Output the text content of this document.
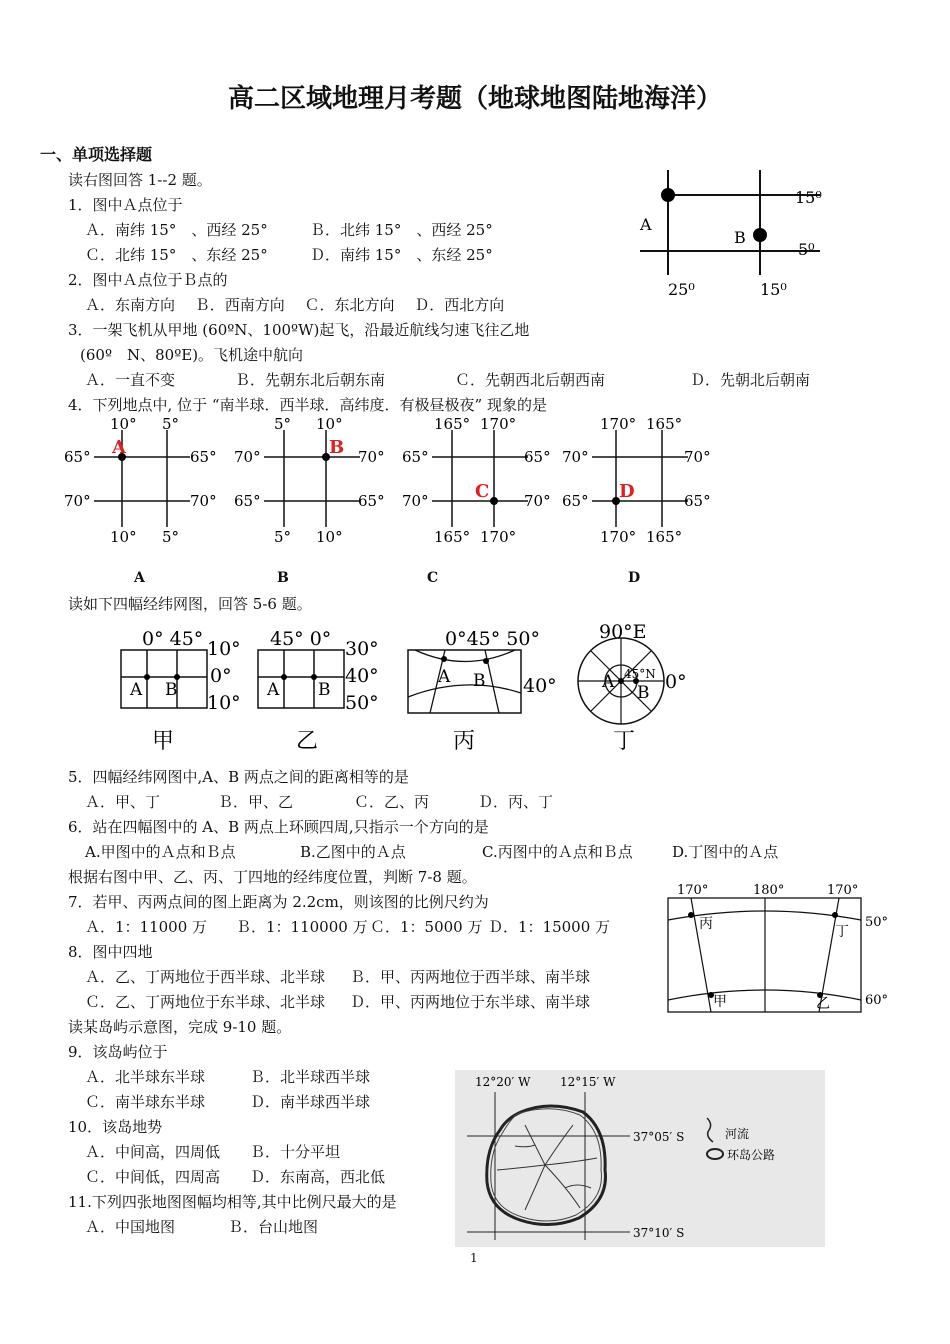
高二区域地理月考题（地球地图陆地海洋）
一、单项选择题
读右图回答 1--2 题。
1．图中Ａ点位于
Ａ．南纬 15°　、西经 25°	Ｂ．北纬 15°　、西经 25°
Ｃ．北纬 15°　、东经 25°	Ｄ．南纬 15°　、东经 25°
2．图中Ａ点位于Ｂ点的
Ａ．东南方向　 Ｂ．西南方向　 Ｃ．东北方向　 Ｄ．西北方向
3．一架飞机从甲地 (60ºN、100ºW)起飞，沿最近航线匀速飞往乙地
(60º　N、80ºE)。飞机途中航向
Ａ．一直不变	Ｂ．先朝东北后朝东南	Ｃ．先朝西北后朝西南	Ｄ．先朝北后朝南
4．下列地点中, 位于 “南半球．西半球．高纬度．有极昼极夜” 现象的是
A
B
15⁰
5⁰
25⁰	15⁰
A
10° 5°
10° 5°
65°
70°
65°
70°
B
5° 10°
5° 10°
70°
65°
70°
65°	C
165° 170°
165° 170°
65°
70°
65°
70°	D
170° 165°
170° 165°
70°
65°
70°
65°
A	B	C	D
读如下四幅经纬网图，回答 5-6 题。
0° 45°
A B
10°
0°
10°
甲
45° 0°
A B
30°
40°
50°
乙
0°45° 50°
A B 40°
丙
90°E
A
B
45°N 0°
丁
5．四幅经纬网图中,A、B 两点之间的距离相等的是
Ａ．甲、丁	Ｂ．甲、乙	Ｃ．乙、丙	Ｄ．丙、丁
6．站在四幅图中的 A、B 两点上环顾四周,只指示一个方向的是
A.甲图中的Ａ点和Ｂ点	B.乙图中的Ａ点	C.丙图中的Ａ点和Ｂ点	D.丁图中的Ａ点
根据右图中甲、乙、丙、丁四地的经纬度位置，判断 7-8 题。
7．若甲、丙两点间的图上距离为 2.2cm，则该图的比例尺约为
Ａ．1：11000 万 Ｂ．1：110000 万 Ｃ．1：5000 万 Ｄ．1：15000 万
8．图中四地
Ａ．乙、丁两地位于西半球、北半球 Ｂ．甲、丙两地位于西半球、南半球
Ｃ．乙、丁两地位于东半球、北半球 Ｄ．甲、丙两地位于东半球、南半球
读某岛屿示意图，完成 9-10 题。
9．该岛屿位于
Ａ．北半球东半球	Ｂ．北半球西半球
Ｃ．南半球东半球	Ｄ．南半球西半球
10．该岛地势
Ａ．中间高，四周低 Ｂ．十分平坦
Ｃ．中间低，四周高 Ｄ．东南高，西北低
11.下列四张地图图幅均相等,其中比例尺最大的是
Ａ．中国地图	Ｂ．台山地图
170°	180°	170°
丙	丁
甲	乙
50°
60°
12°20′ W 12°15′ W
37°05′ S
37°10′ S
河流
环岛公路
1
